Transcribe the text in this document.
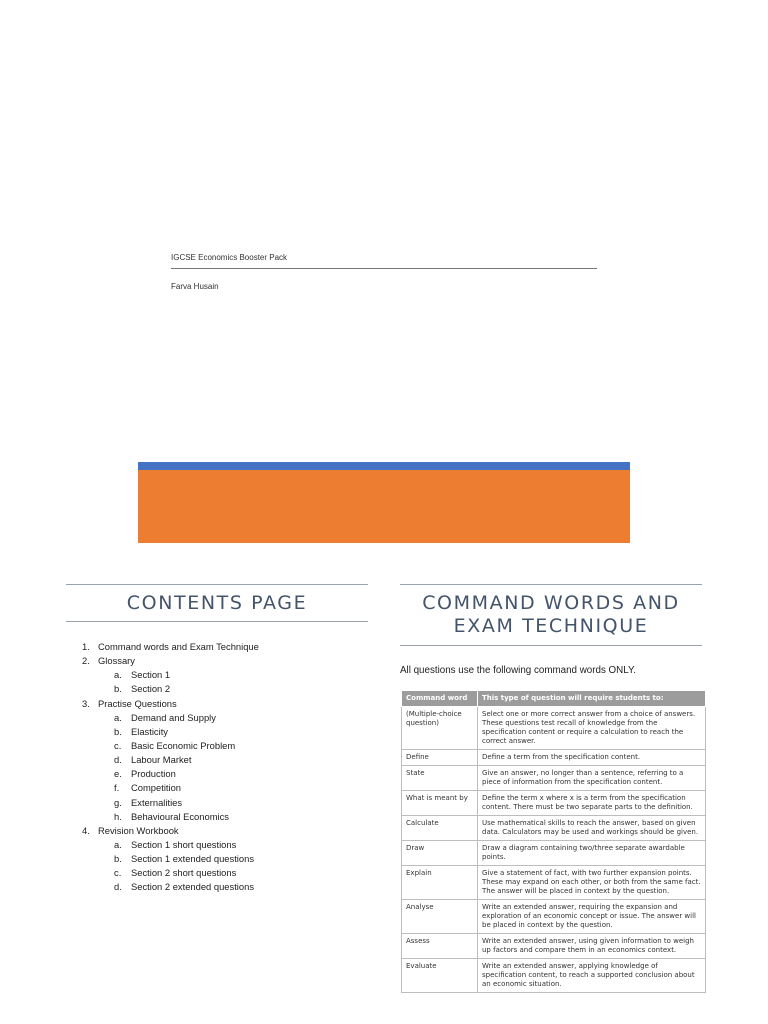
IGCSE Economics Booster Pack
Farva Husain
CONTENTS PAGE
1. Command words and Exam Technique
2. Glossary
a. Section 1
b. Section 2
3. Practise Questions
a. Demand and Supply
b. Elasticity
c. Basic Economic Problem
d. Labour Market
e. Production
f. Competition
g. Externalities
h. Behavioural Economics
4. Revision Workbook
a. Section 1 short questions
b. Section 1 extended questions
c. Section 2 short questions
d. Section 2 extended questions
COMMAND WORDS AND
EXAM TECHNIQUE
All questions use the following command words ONLY.
Command word	This type of question will require students to:
(Multiple-choice question)	Select one or more correct answer from a choice of answers. These questions test recall of knowledge from the specification content or require a calculation to reach the correct answer.
Define	Define a term from the specification content.
State	Give an answer, no longer than a sentence, referring to a piece of information from the specification content.
What is meant by	Define the term x where x is a term from the specification content. There must be two separate parts to the definition.
Calculate	Use mathematical skills to reach the answer, based on given data. Calculators may be used and workings should be given.
Draw	Draw a diagram containing two/three separate awardable points.
Explain	Give a statement of fact, with two further expansion points. These may expand on each other, or both from the same fact. The answer will be placed in context by the question.
Analyse	Write an extended answer, requiring the expansion and exploration of an economic concept or issue. The answer will be placed in context by the question.
Assess	Write an extended answer, using given information to weigh up factors and compare them in an economics context.
Evaluate	Write an extended answer, applying knowledge of specification content, to reach a supported conclusion about an economic situation.
